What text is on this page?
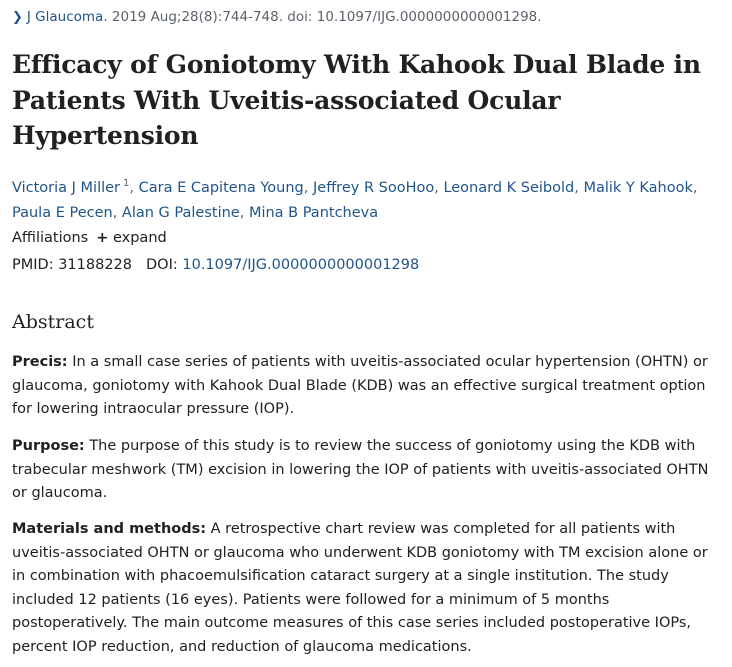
❯ J Glaucoma. 2019 Aug;28(8):744-748. doi: 10.1097/IJG.0000000000001298.
Efficacy of Goniotomy With Kahook Dual Blade in Patients With Uveitis-associated Ocular Hypertension
Victoria J Miller $^1$, Cara E Capitena Young, Jeffrey R SooHoo, Leonard K Seibold, Malik Y Kahook, Paula E Pecen, Alan G Palestine, Mina B Pantcheva
Affiliations + expand
PMID: 31188228 DOI: 10.1097/IJG.0000000000001298
Abstract

Precis: In a small case series of patients with uveitis-associated ocular hypertension (OHTN) or glaucoma, goniotomy with Kahook Dual Blade (KDB) was an effective surgical treatment option for lowering intraocular pressure (IOP).

Purpose: The purpose of this study is to review the success of goniotomy using the KDB with trabecular meshwork (TM) excision in lowering the IOP of patients with uveitis-associated OHTN or glaucoma.

Materials and methods: A retrospective chart review was completed for all patients with uveitis-associated OHTN or glaucoma who underwent KDB goniotomy with TM excision alone or in combination with phacoemulsification cataract surgery at a single institution. The study included 12 patients (16 eyes). Patients were followed for a minimum of 5 months postoperatively. The main outcome measures of this case series included postoperative IOPs, percent IOP reduction, and reduction of glaucoma medications.
